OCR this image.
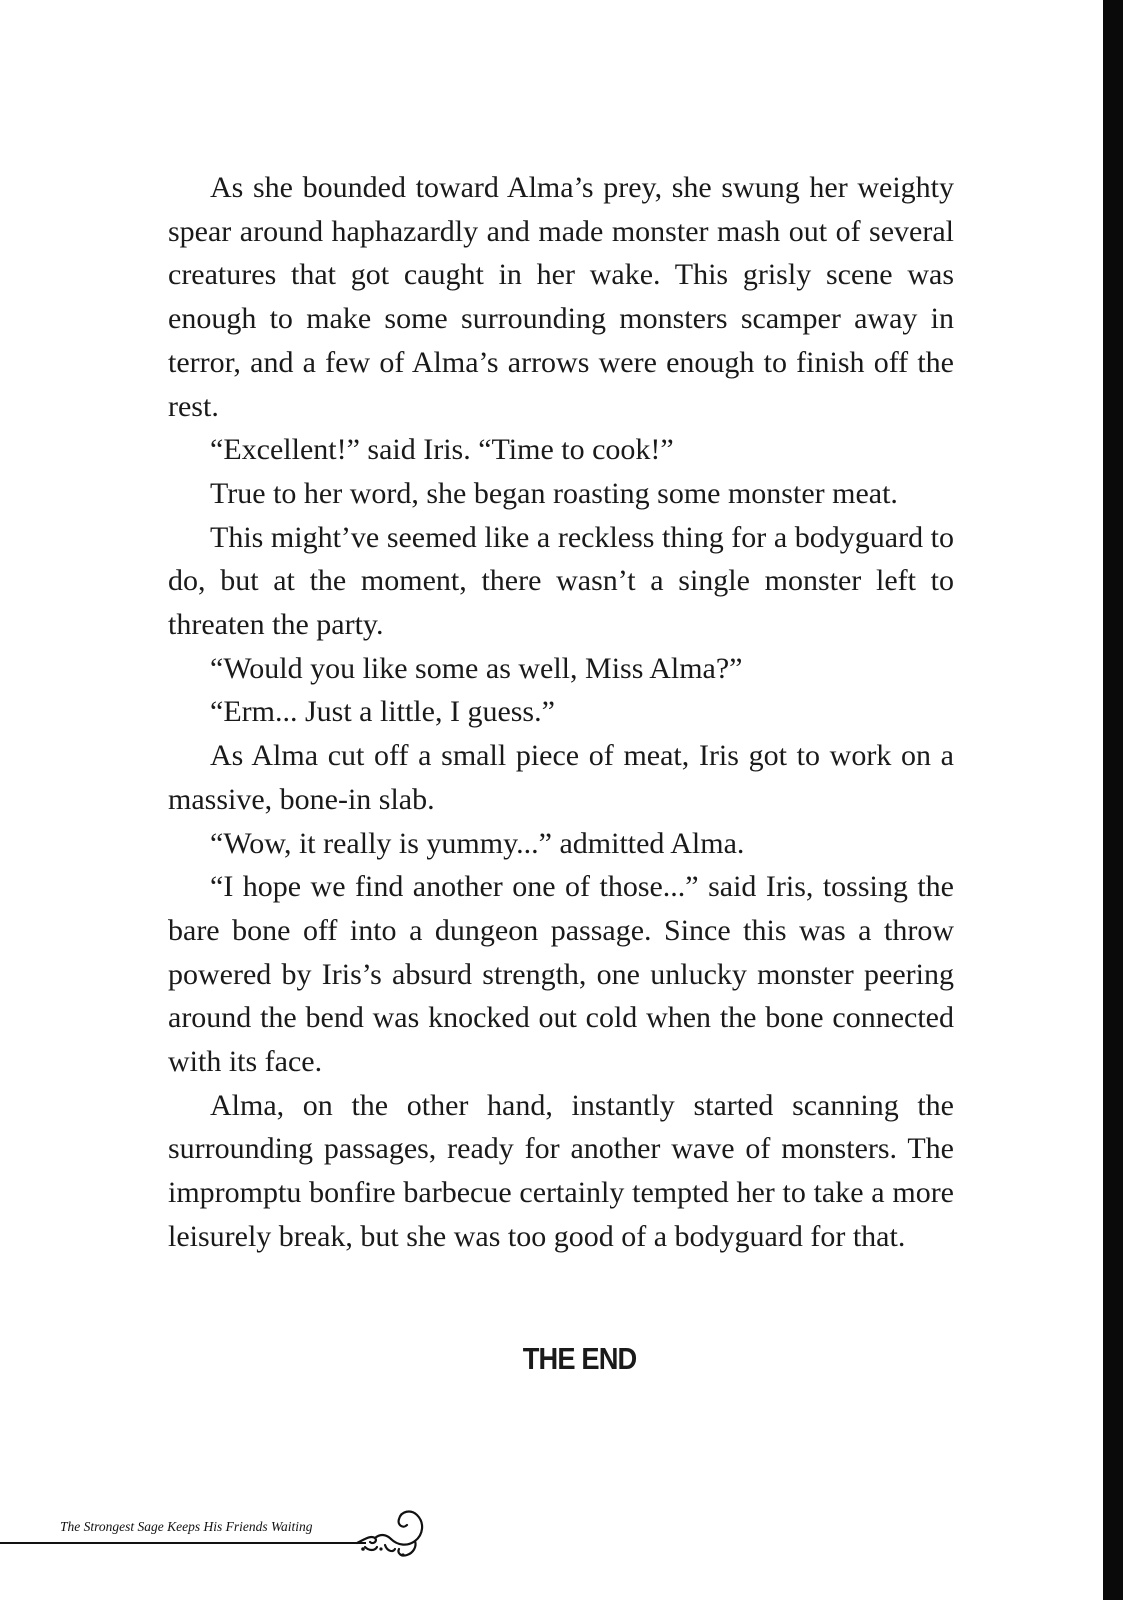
As she bounded toward Alma’s prey, she swung her weighty spear around haphazardly and made monster mash out of several creatures that got caught in her wake. This grisly scene was enough to make some surrounding monsters scamper away in terror, and a few of Alma’s arrows were enough to finish off the rest.

“Excellent!” said Iris. “Time to cook!”

True to her word, she began roasting some monster meat.

This might’ve seemed like a reckless thing for a bodyguard to do, but at the moment, there wasn’t a single monster left to threaten the party.

“Would you like some as well, Miss Alma?”

“Erm... Just a little, I guess.”

As Alma cut off a small piece of meat, Iris got to work on a massive, bone-in slab.

“Wow, it really is yummy...” admitted Alma.

“I hope we find another one of those...” said Iris, tossing the bare bone off into a dungeon passage. Since this was a throw powered by Iris’s absurd strength, one unlucky monster peering around the bend was knocked out cold when the bone connected with its face.

Alma, on the other hand, instantly started scanning the surrounding passages, ready for another wave of monsters. The impromptu bonfire barbecue certainly tempted her to take a more leisurely break, but she was too good of a bodyguard for that.

THE END
The Strongest Sage Keeps His Friends Waiting
